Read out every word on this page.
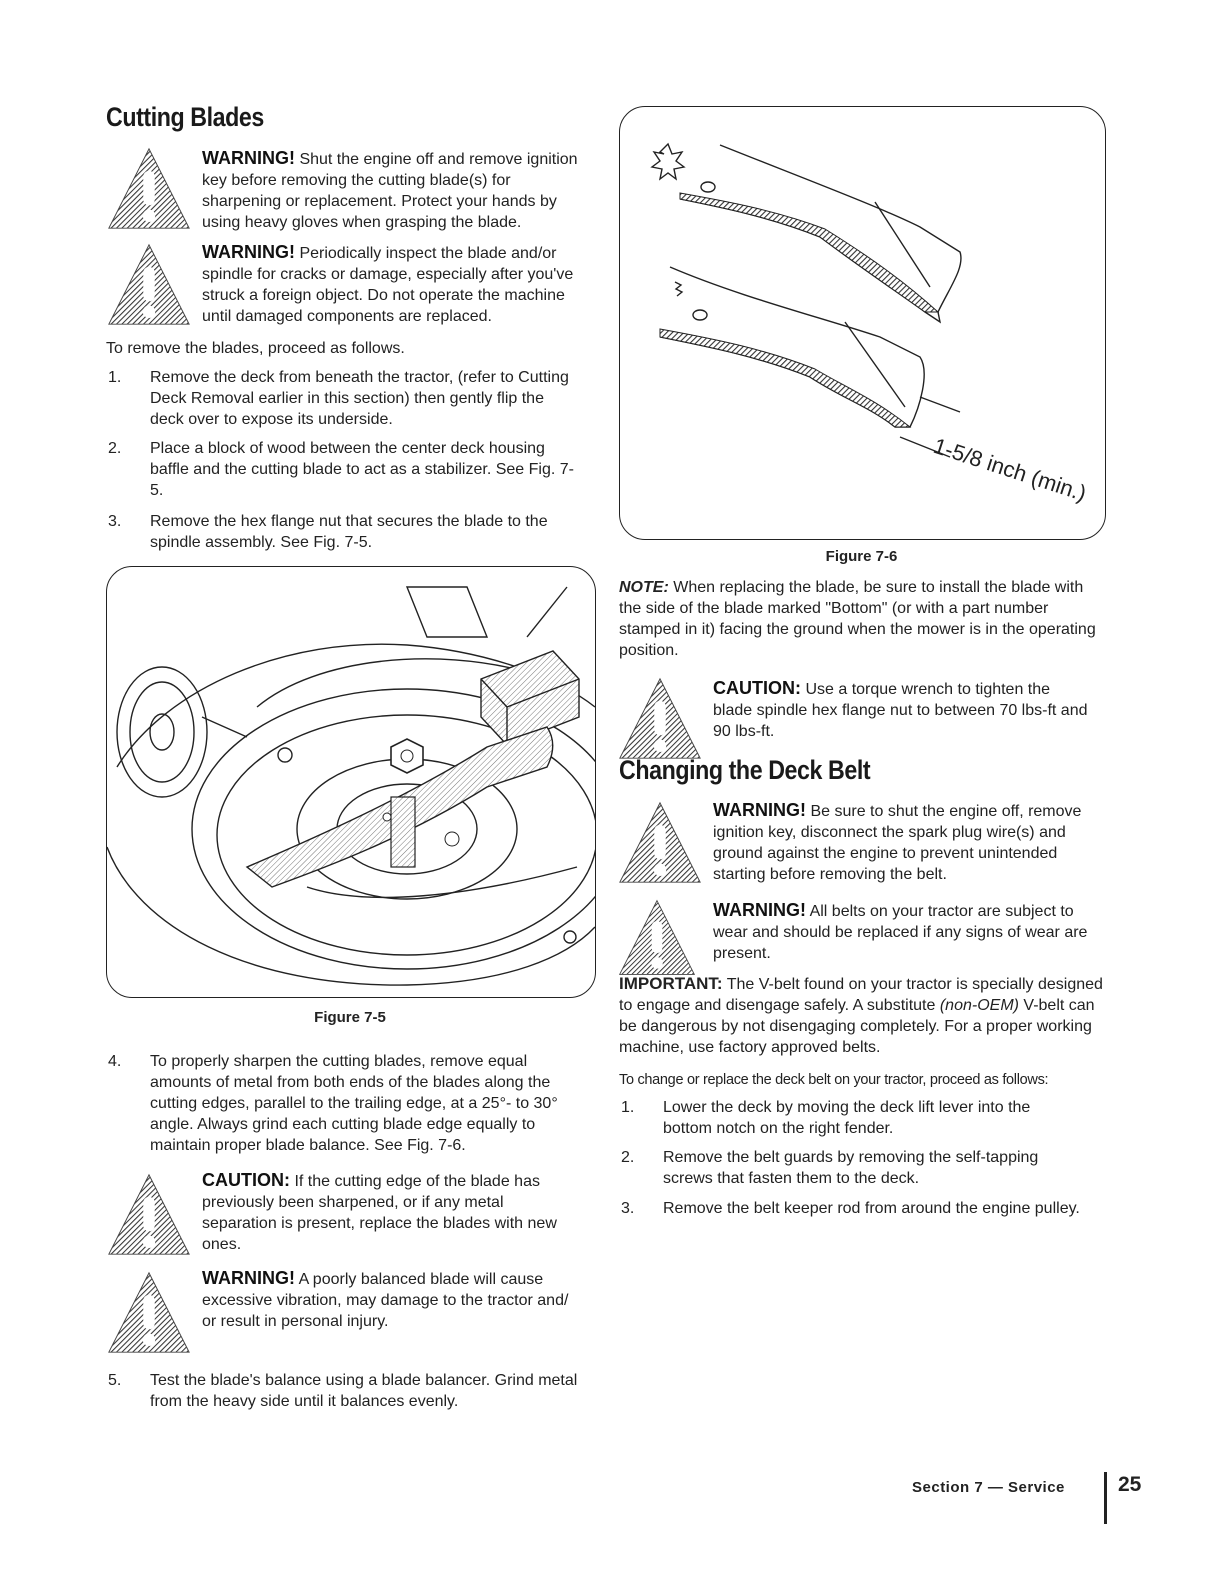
Cutting Blades
WARNING! Shut the engine off and remove ignition key before removing the cutting blade(s) for sharpening or replacement. Protect your hands by using heavy gloves when grasping the blade.
WARNING! Periodically inspect the blade and/or spindle for cracks or damage, especially after you've struck a foreign object. Do not operate the machine until damaged components are replaced.
To remove the blades, proceed as follows.
1. Remove the deck from beneath the tractor, (refer to Cutting Deck Removal earlier in this section) then gently flip the deck over to expose its underside.
2. Place a block of wood between the center deck housing baffle and the cutting blade to act as a stabilizer. See Fig. 7-5.
3. Remove the hex flange nut that secures the blade to the spindle assembly. See Fig. 7-5.
Figure 7-5
4. To properly sharpen the cutting blades, remove equal amounts of metal from both ends of the blades along the cutting edges, parallel to the trailing edge, at a 25°- to 30° angle. Always grind each cutting blade edge equally to maintain proper blade balance. See Fig. 7-6.
CAUTION: If the cutting edge of the blade has previously been sharpened, or if any metal separation is present, replace the blades with new ones.
WARNING! A poorly balanced blade will cause excessive vibration, may damage to the tractor and/ or result in personal injury.
5. Test the blade's balance using a blade balancer. Grind metal from the heavy side until it balances evenly.
1-5/8 inch (min.)
Figure 7-6
NOTE: When replacing the blade, be sure to install the blade with the side of the blade marked "Bottom" (or with a part number stamped in it) facing the ground when the mower is in the operating position.
CAUTION: Use a torque wrench to tighten the blade spindle hex flange nut to between 70 lbs-ft and 90 lbs-ft.
Changing the Deck Belt
WARNING! Be sure to shut the engine off, remove ignition key, disconnect the spark plug wire(s) and ground against the engine to prevent unintended starting before removing the belt.
WARNING! All belts on your tractor are subject to wear and should be replaced if any signs of wear are present.
IMPORTANT: The V-belt found on your tractor is specially designed to engage and disengage safely. A substitute (non-OEM) V-belt can be dangerous by not disengaging completely. For a proper working machine, use factory approved belts.
To change or replace the deck belt on your tractor, proceed as follows:
1. Lower the deck by moving the deck lift lever into the bottom notch on the right fender.
2. Remove the belt guards by removing the self-tapping screws that fasten them to the deck.
3. Remove the belt keeper rod from around the engine pulley.
Section 7 — Service	25
